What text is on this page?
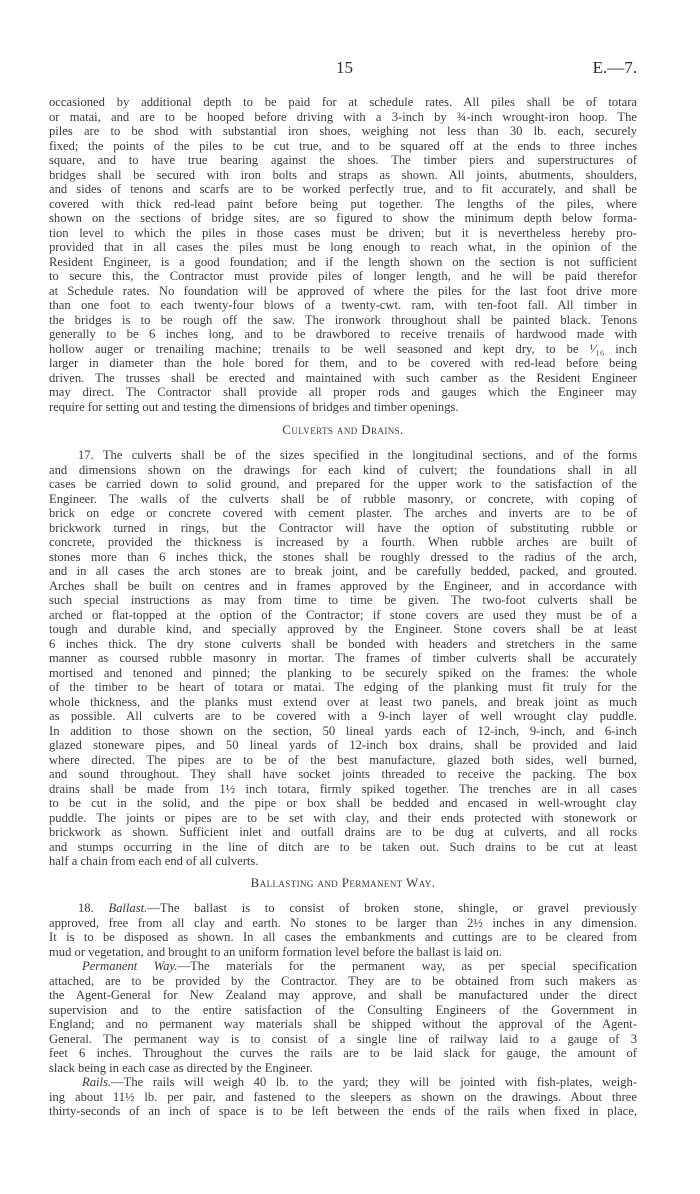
15	E.—7.
occasioned by additional depth to be paid for at schedule rates. All piles shall be of totara
or matai, and are to be hooped before driving with a 3-inch by ¾-inch wrought-iron hoop. The
piles are to be shod with substantial iron shoes, weighing not less than 30 lb. each, securely
fixed; the points of the piles to be cut true, and to be squared off at the ends to three inches
square, and to have true bearing against the shoes. The timber piers and superstructures of
bridges shall be secured with iron bolts and straps as shown. All joints, abutments, shoulders,
and sides of tenons and scarfs are to be worked perfectly true, and to fit accurately, and shall be
covered with thick red-lead paint before being put together. The lengths of the piles, where
shown on the sections of bridge sites, are so figured to show the minimum depth below forma-
tion level to which the piles in those cases must be driven; but it is nevertheless hereby pro-
provided that in all cases the piles must be long enough to reach what, in the opinion of the
Resident Engineer, is a good foundation; and if the length shown on the section is not sufficient
to secure this, the Contractor must provide piles of longer length, and he will be paid therefor
at Schedule rates. No foundation will be approved of where the piles for the last foot drive more
than one foot to each twenty-four blows of a twenty-cwt. ram, with ten-foot fall. All timber in
the bridges is to be rough off the saw. The ironwork throughout shall be painted black. Tenons
generally to be 6 inches long, and to be drawbored to receive trenails of hardwood made with
hollow auger or trenailing machine; trenails to be well seasoned and kept dry, to be ¹⁄₁₆ inch
larger in diameter than the hole bored for them, and to be covered with red-lead before being
driven. The trusses shall be erected and maintained with such camber as the Resident Engineer
may direct. The Contractor shall provide all proper rods and gauges which the Engineer may
require for setting out and testing the dimensions of bridges and timber openings.
Culverts and Drains.
17. The culverts shall be of the sizes specified in the longitudinal sections, and of the forms
and dimensions shown on the drawings for each kind of culvert; the foundations shall in all
cases be carried down to solid ground, and prepared for the upper work to the satisfaction of the
Engineer. The walls of the culverts shall be of rubble masonry, or concrete, with coping of
brick on edge or concrete covered with cement plaster. The arches and inverts are to be of
brickwork turned in rings, but the Contractor will have the option of substituting rubble or
concrete, provided the thickness is increased by a fourth. When rubble arches are built of
stones more than 6 inches thick, the stones shall be roughly dressed to the radius of the arch,
and in all cases the arch stones are to break joint, and be carefully bedded, packed, and grouted.
Arches shall be built on centres and in frames approved by the Engineer, and in accordance with
such special instructions as may from time to time be given. The two-foot culverts shall be
arched or flat-topped at the option of the Contractor; if stone covers are used they must be of a
tough and durable kind, and specially approved by the Engineer. Stone covers shall be at least
6 inches thick. The dry stone culverts shall be bonded with headers and stretchers in the same
manner as coursed rubble masonry in mortar. The frames of timber culverts shall be accurately
mortised and tenoned and pinned; the planking to be securely spiked on the frames: the whole
of the timber to be heart of totara or matai. The edging of the planking must fit truly for the
whole thickness, and the planks must extend over at least two panels, and break joint as much
as possible. All culverts are to be covered with a 9-inch layer of well wrought clay puddle.
In addition to those shown on the section, 50 lineal yards each of 12-inch, 9-inch, and 6-inch
glazed stoneware pipes, and 50 lineal yards of 12-inch box drains, shall be provided and laid
where directed. The pipes are to be of the best manufacture, glazed both sides, well burned,
and sound throughout. They shall have socket joints threaded to receive the packing. The box
drains shall be made from 1½ inch totara, firmly spiked together. The trenches are in all cases
to be cut in the solid, and the pipe or box shall be bedded and encased in well-wrought clay
puddle. The joints or pipes are to be set with clay, and their ends protected with stonework or
brickwork as shown. Sufficient inlet and outfall drains are to be dug at culverts, and all rocks
and stumps occurring in the line of ditch are to be taken out. Such drains to be cut at least
half a chain from each end of all culverts.
Ballasting and Permanent Way.
18. Ballast.—The ballast is to consist of broken stone, shingle, or gravel previously
approved, free from all clay and earth. No stones to be larger than 2½ inches in any dimension.
It is to be disposed as shown. In all cases the embankments and cuttings are to be cleared from
mud or vegetation, and brought to an uniform formation level before the ballast is laid on.
Permanent Way.—The materials for the permanent way, as per special specification
attached, are to be provided by the Contractor. They are to be obtained from such makers as
the Agent-General for New Zealand may approve, and shall be manufactured under the direct
supervision and to the entire satisfaction of the Consulting Engineers of the Government in
England; and no permanent way materials shall be shipped without the approval of the Agent-
General. The permanent way is to consist of a single line of railway laid to a gauge of 3
feet 6 inches. Throughout the curves the rails are to be laid slack for gauge, the amount of
slack being in each case as directed by the Engineer.
Rails.—The rails will weigh 40 lb. to the yard; they will be jointed with fish-plates, weigh-
ing about 11½ lb. per pair, and fastened to the sleepers as shown on the drawings. About three
thirty-seconds of an inch of space is to be left between the ends of the rails when fixed in place,
